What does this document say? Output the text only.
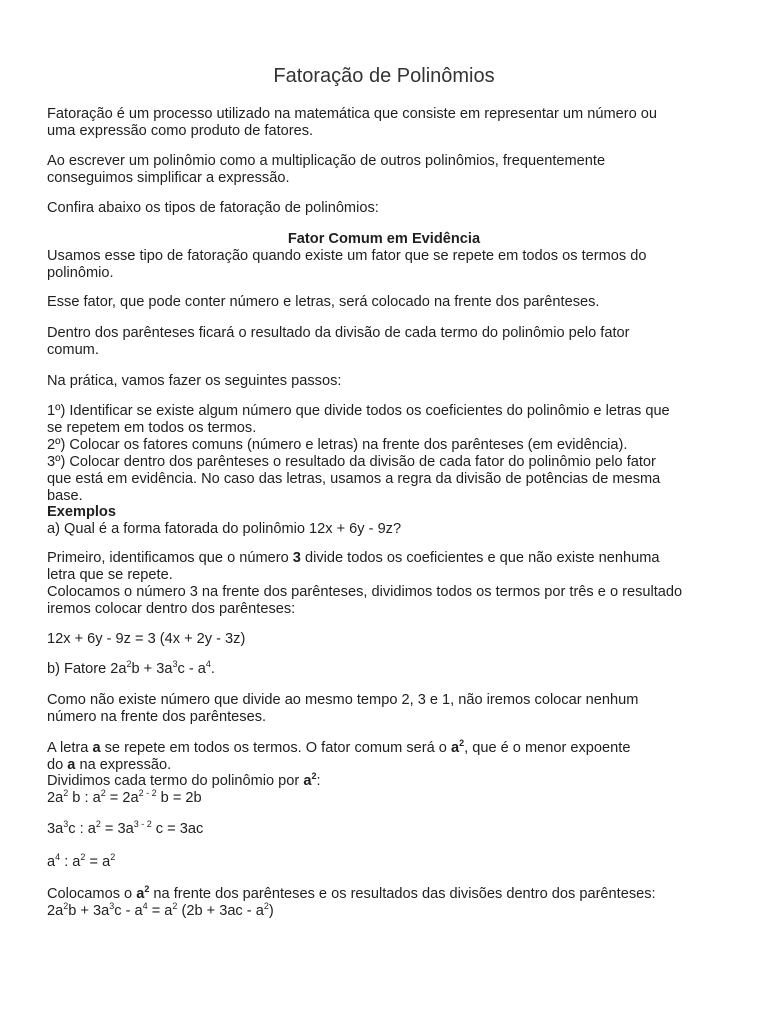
Fatoração de Polinômios

Fatoração é um processo utilizado na matemática que consiste em representar um número ou

uma expressão como produto de fatores.

Ao escrever um polinômio como a multiplicação de outros polinômios, frequentemente

conseguimos simplificar a expressão.

Confira abaixo os tipos de fatoração de polinômios:

Fator Comum em Evidência

Usamos esse tipo de fatoração quando existe um fator que se repete em todos os termos do

polinômio.

Esse fator, que pode conter número e letras, será colocado na frente dos parênteses.

Dentro dos parênteses ficará o resultado da divisão de cada termo do polinômio pelo fator

comum.

Na prática, vamos fazer os seguintes passos:

1º) Identificar se existe algum número que divide todos os coeficientes do polinômio e letras que

se repetem em todos os termos.

2º) Colocar os fatores comuns (número e letras) na frente dos parênteses (em evidência).

3º) Colocar dentro dos parênteses o resultado da divisão de cada fator do polinômio pelo fator

que está em evidência. No caso das letras, usamos a regra da divisão de potências de mesma

base.

Exemplos

a) Qual é a forma fatorada do polinômio 12x + 6y - 9z?

Primeiro, identificamos que o número 3 divide todos os coeficientes e que não existe nenhuma

letra que se repete.

Colocamos o número 3 na frente dos parênteses, dividimos todos os termos por três e o resultado

iremos colocar dentro dos parênteses:

12x + 6y - 9z = 3 (4x + 2y - 3z)

b) Fatore $2a^2b + 3a^3c - a^4$.

Como não existe número que divide ao mesmo tempo 2, 3 e 1, não iremos colocar nenhum

número na frente dos parênteses.

A letra a se repete em todos os termos. O fator comum será o $a^2$, que é o menor expoente

do a na expressão.

Dividimos cada termo do polinômio por $a^2$:

$2a^2$ b : $a^2 = 2a^{2 - 2}$ b = 2b

$3a^3c$ : $a^2 = 3a^{3 - 2}$ c = 3ac

$a^4$ : $a^2 = a^2$

Colocamos o $a^2$ na frente dos parênteses e os resultados das divisões dentro dos parênteses:

$2a^2b + 3a^3c - a^4 = a^2$ $(2b + 3ac - a^2)$
